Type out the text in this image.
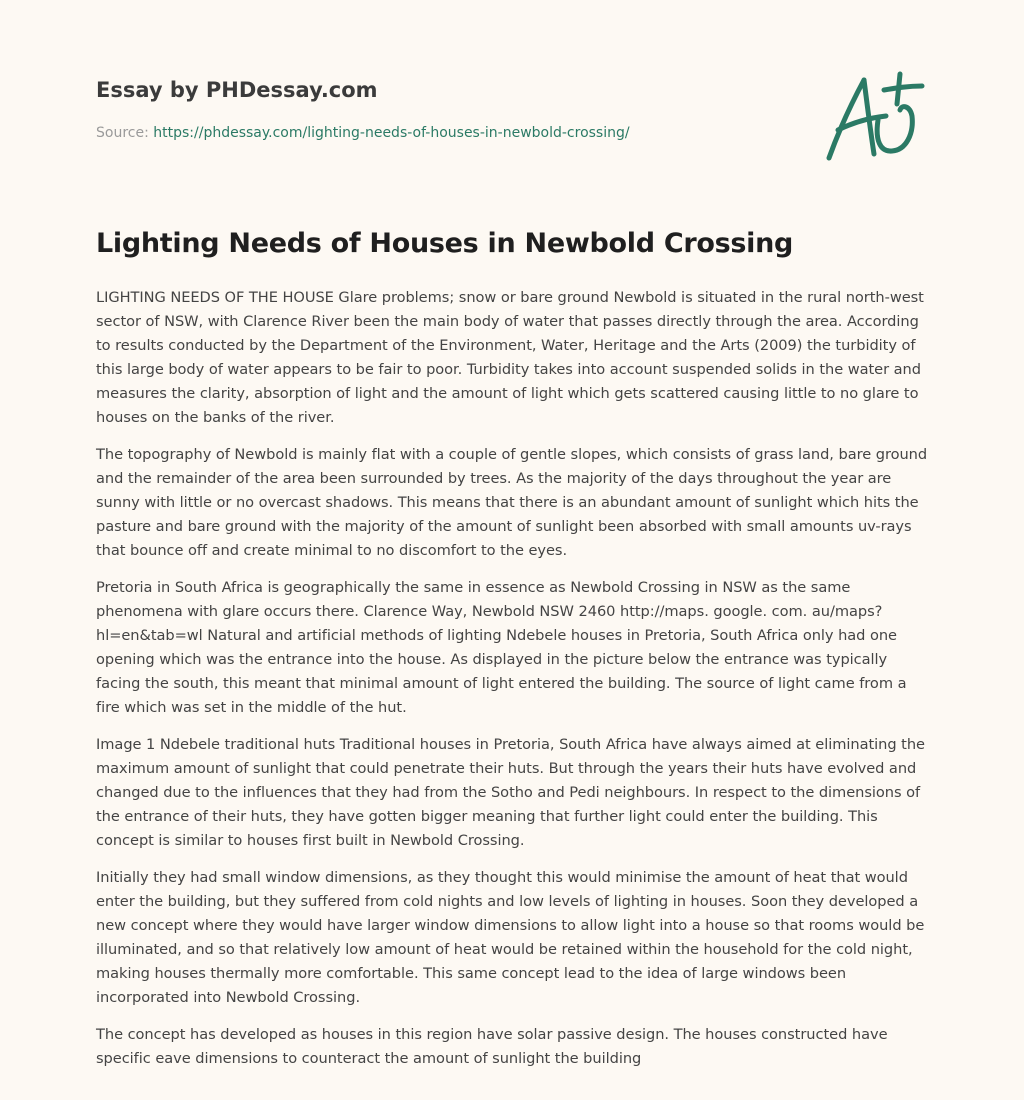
Essay by PHDessay.com

Source: https://phdessay.com/lighting-needs-of-houses-in-newbold-crossing/

Lighting Needs of Houses in Newbold Crossing

LIGHTING NEEDS OF THE HOUSE Glare problems; snow or bare ground Newbold is situated in the rural north-west sector of NSW, with Clarence River been the main body of water that passes directly through the area. According to results conducted by the Department of the Environment, Water, Heritage and the Arts (2009) the turbidity of this large body of water appears to be fair to poor. Turbidity takes into account suspended solids in the water and measures the clarity, absorption of light and the amount of light which gets scattered causing little to no glare to houses on the banks of the river.

The topography of Newbold is mainly flat with a couple of gentle slopes, which consists of grass land, bare ground and the remainder of the area been surrounded by trees. As the majority of the days throughout the year are sunny with little or no overcast shadows. This means that there is an abundant amount of sunlight which hits the pasture and bare ground with the majority of the amount of sunlight been absorbed with small amounts uv-rays that bounce off and create minimal to no discomfort to the eyes.

Pretoria in South Africa is geographically the same in essence as Newbold Crossing in NSW as the same phenomena with glare occurs there. Clarence Way, Newbold NSW 2460 http://maps. google. com. au/maps?hl=en&tab=wl Natural and artificial methods of lighting Ndebele houses in Pretoria, South Africa only had one opening which was the entrance into the house. As displayed in the picture below the entrance was typically facing the south, this meant that minimal amount of light entered the building. The source of light came from a fire which was set in the middle of the hut.

Image 1 Ndebele traditional huts Traditional houses in Pretoria, South Africa have always aimed at eliminating the maximum amount of sunlight that could penetrate their huts. But through the years their huts have evolved and changed due to the influences that they had from the Sotho and Pedi neighbours. In respect to the dimensions of the entrance of their huts, they have gotten bigger meaning that further light could enter the building. This concept is similar to houses first built in Newbold Crossing.

Initially they had small window dimensions, as they thought this would minimise the amount of heat that would enter the building, but they suffered from cold nights and low levels of lighting in houses. Soon they developed a new concept where they would have larger window dimensions to allow light into a house so that rooms would be illuminated, and so that relatively low amount of heat would be retained within the household for the cold night, making houses thermally more comfortable. This same concept lead to the idea of large windows been incorporated into Newbold Crossing.

The concept has developed as houses in this region have solar passive design. The houses constructed have specific eave dimensions to counteract the amount of sunlight the building
